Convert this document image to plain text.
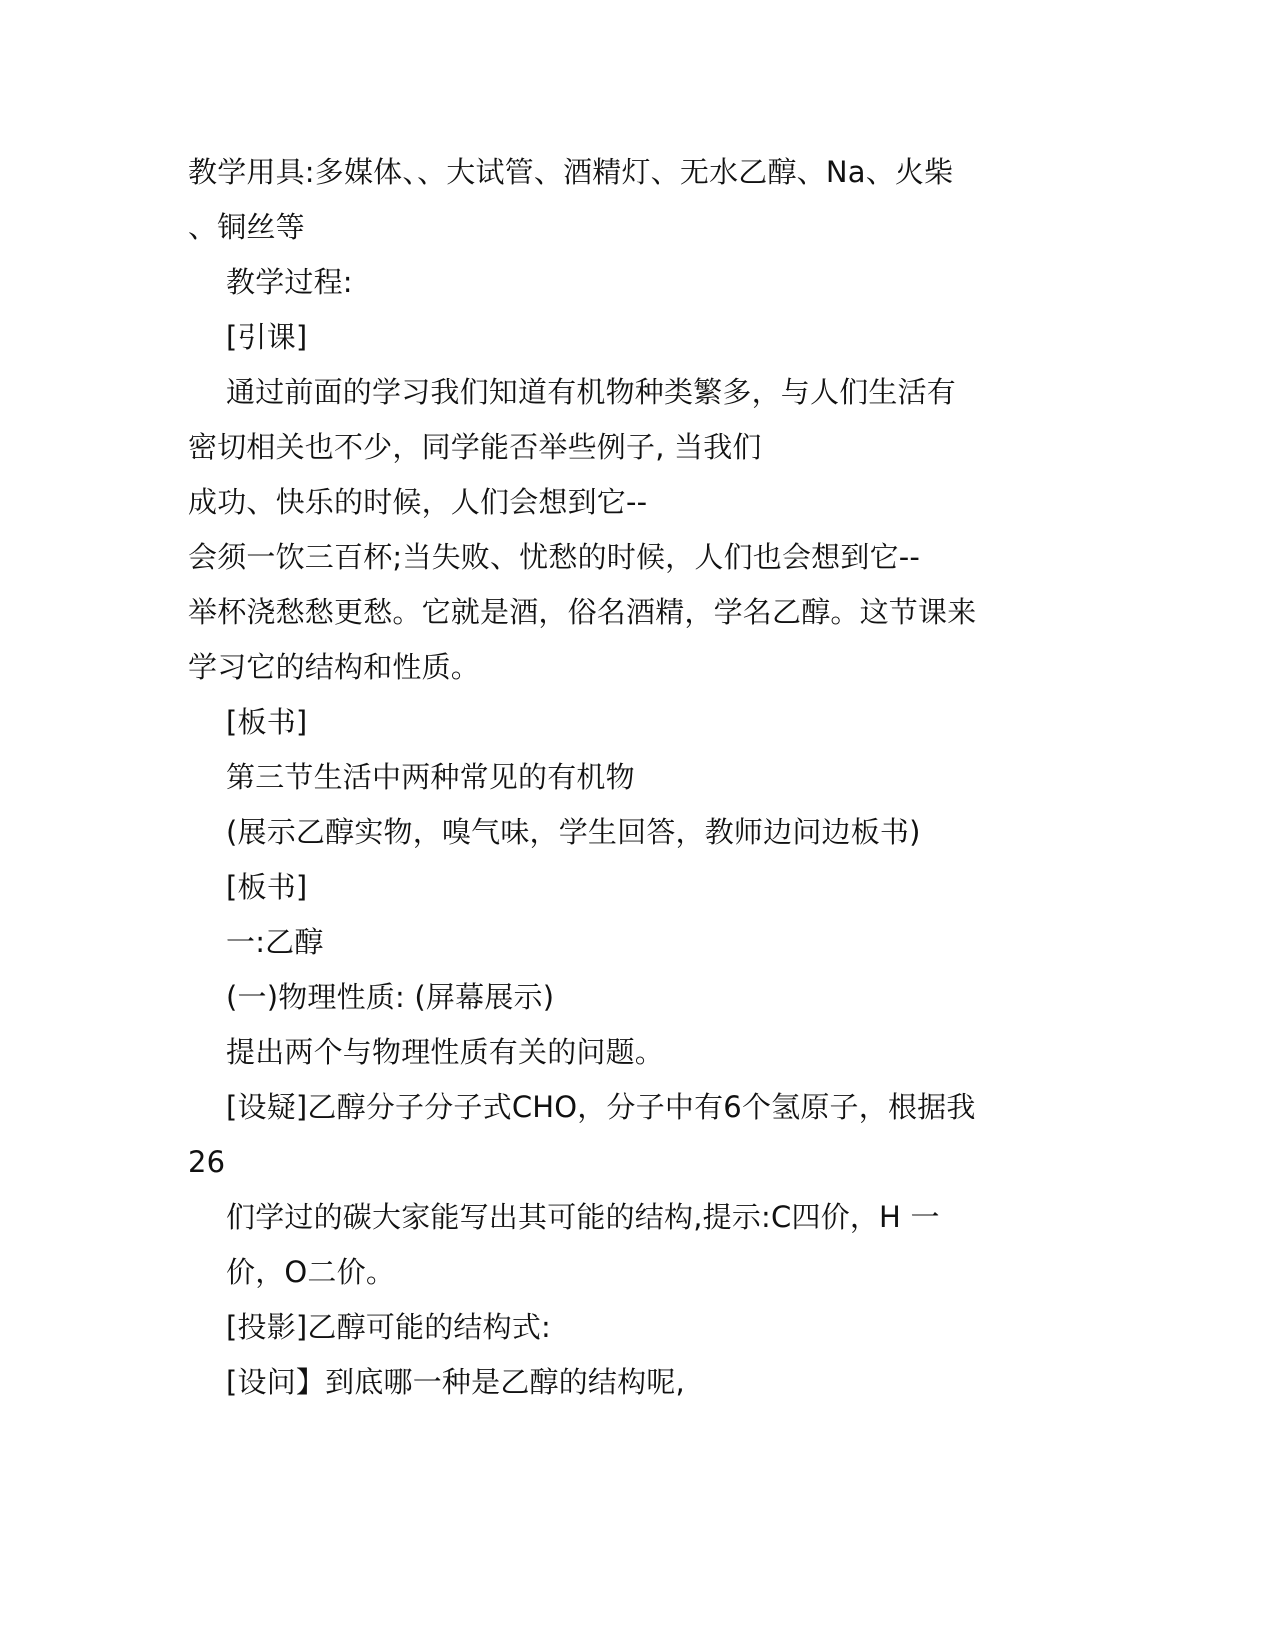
教学用具:多媒体、、大试管、酒精灯、无水乙醇、Na、火柴
、铜丝等
教学过程:
[引课]
通过前面的学习我们知道有机物种类繁多，与人们生活有
密切相关也不少，同学能否举些例子, 当我们
成功、快乐的时候，人们会想到它--
会须一饮三百杯;当失败、忧愁的时候，人们也会想到它--
举杯浇愁愁更愁。它就是酒，俗名酒精，学名乙醇。这节课来
学习它的结构和性质。
[板书]
第三节生活中两种常见的有机物
(展示乙醇实物，嗅气味，学生回答，教师边问边板书)
[板书]
一:乙醇
(一)物理性质: (屏幕展示)
提出两个与物理性质有关的问题。
[设疑]乙醇分子分子式CHO，分子中有6个氢原子，根据我
26
们学过的碳大家能写出其可能的结构,提示:C四价，H 一
价，O二价。
[投影]乙醇可能的结构式:
[设问】到底哪一种是乙醇的结构呢,
